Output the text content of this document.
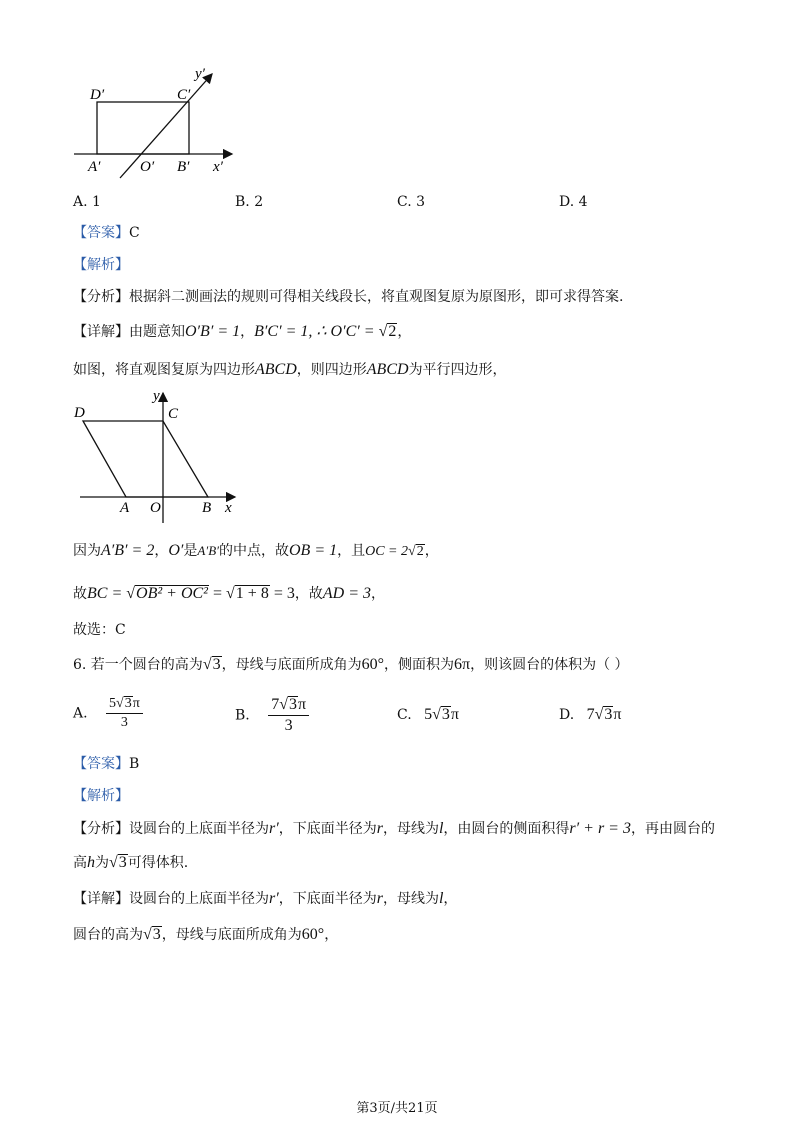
D′	C′
y′
A′	O′ B′ x′
A. 1	B. 2	C. 3	D. 4
【答案】C
【解析】
【分析】根据斜二测画法的规则可得相关线段长，将直观图复原为原图形，即可求得答案.
【详解】由题意知O′B′ = 1，B′C′ = 1, ∴ O′C′ = √2，
如图，将直观图复原为四边形ABCD，则四边形ABCD为平行四边形，
D	C
y
A O	B x
因为A′B′ = 2，O′是A′B′的中点，故OB = 1，且OC = 2√2，
故BC = √OB² + OC² = √1 + 8 = 3，故AD = 3，
故选：C
6. 若一个圆台的高为√3，母线与底面所成角为60°，侧面积为6π，则该圆台的体积为（ ）
A. $\frac{5√3\pi}{3}$	B. $\frac{7√3\pi}{3}$	C. 5√3π	D. 7√3π
【答案】B
【解析】
【分析】设圆台的上底面半径为r′，下底面半径为r，母线为l，由圆台的侧面积得r′ + r = 3，再由圆台的
高h为√3可得体积.
【详解】设圆台的上底面半径为r′，下底面半径为r，母线为l，
圆台的高为√3，母线与底面所成角为60°，
第3页/共21页
